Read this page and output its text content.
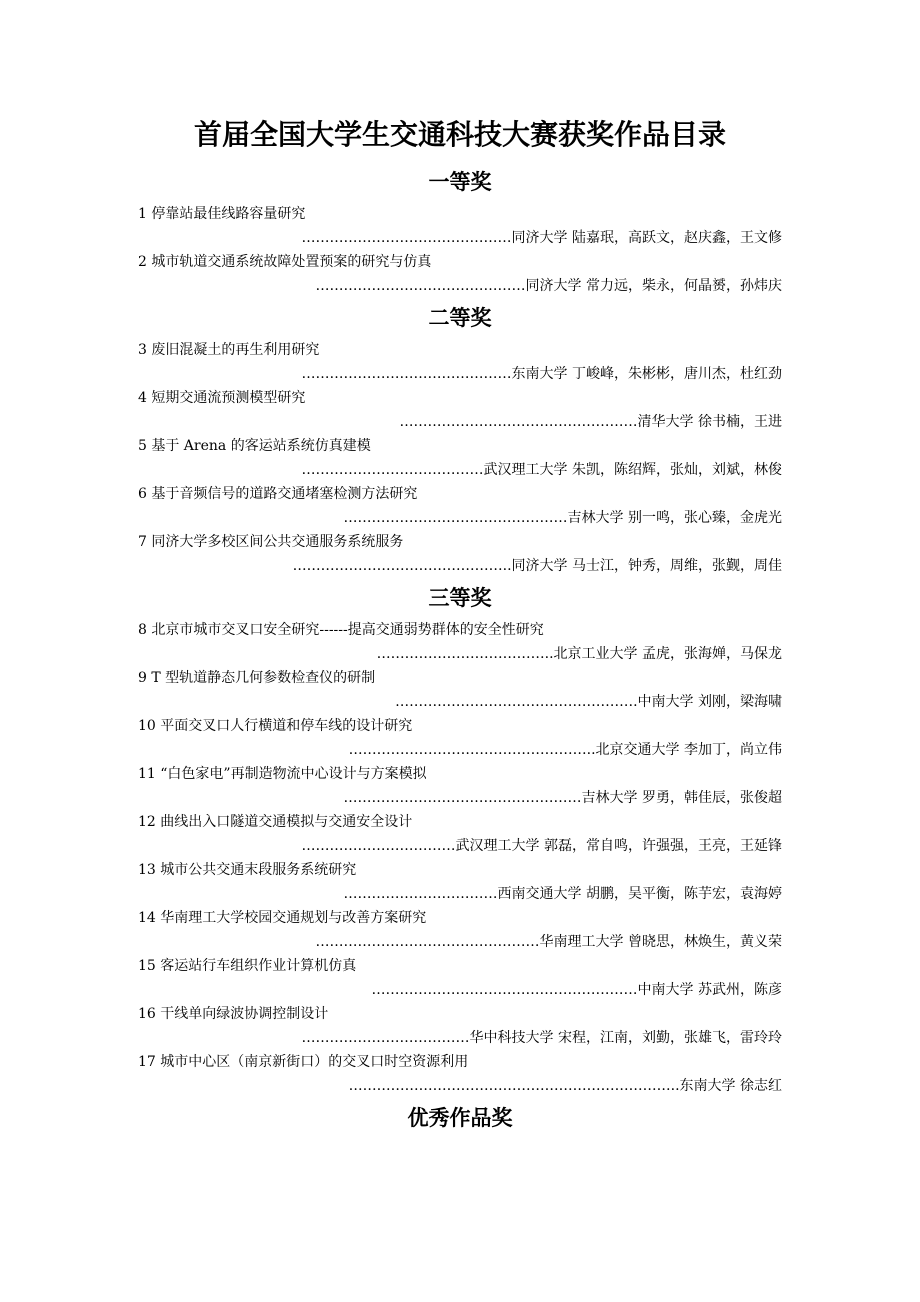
首届全国大学生交通科技大赛获奖作品目录
一等奖
1 停靠站最佳线路容量研究
………………………………………同济大学 陆嘉珉，高跃文，赵庆鑫，王文修
2 城市轨道交通系统故障处置预案的研究与仿真
………………………………………同济大学 常力远，柴永，何晶赟，孙炜庆
二等奖
3 废旧混凝土的再生利用研究
………………………………………东南大学 丁峻峰，朱彬彬，唐川杰，杜红劲
4 短期交通流预测模型研究
……………………………………………清华大学 徐书楠，王进
5 基于 Arena 的客运站系统仿真建模
…………………………………武汉理工大学 朱凯，陈绍辉，张灿，刘斌，林俊
6 基于音频信号的道路交通堵塞检测方法研究
…………………………………………吉林大学 别一鸣，张心臻，金虎光
7 同济大学多校区间公共交通服务系统服务
………………………………………..同济大学 马士江，钟秀，周维，张觐，周佳
三等奖
8 北京市城市交叉口安全研究------提高交通弱势群体的安全性研究
………………………………..北京工业大学 孟虎，张海婵，马保龙
9 T 型轨道静态几何参数检查仪的研制
…………………………………………….中南大学 刘刚，梁海啸
10 平面交叉口人行横道和停车线的设计研究
……………………………………………..北京交通大学 李加丁，尚立伟
11 “白色家电”再制造物流中心设计与方案模拟
……………………………………………吉林大学 罗勇，韩佳辰，张俊超
12 曲线出入口隧道交通模拟与交通安全设计
……………………………武汉理工大学 郭磊，常自鸣，许强强，王亮，王延锋
13 城市公共交通末段服务系统研究
……………………………西南交通大学 胡鹏，吴平衡，陈芋宏，袁海婷
14 华南理工大学校园交通规划与改善方案研究
…………………………………………华南理工大学 曾晓思，林焕生，黄义荣
15 客运站行车组织作业计算机仿真
…………………………………………………中南大学 苏武州，陈彦
16 干线单向绿波协调控制设计
………………………………华中科技大学 宋程，江南，刘勤，张雄飞，雷玲玲
17 城市中心区（南京新街口）的交叉口时空资源利用
……………………………………………………………..东南大学 徐志红
优秀作品奖
